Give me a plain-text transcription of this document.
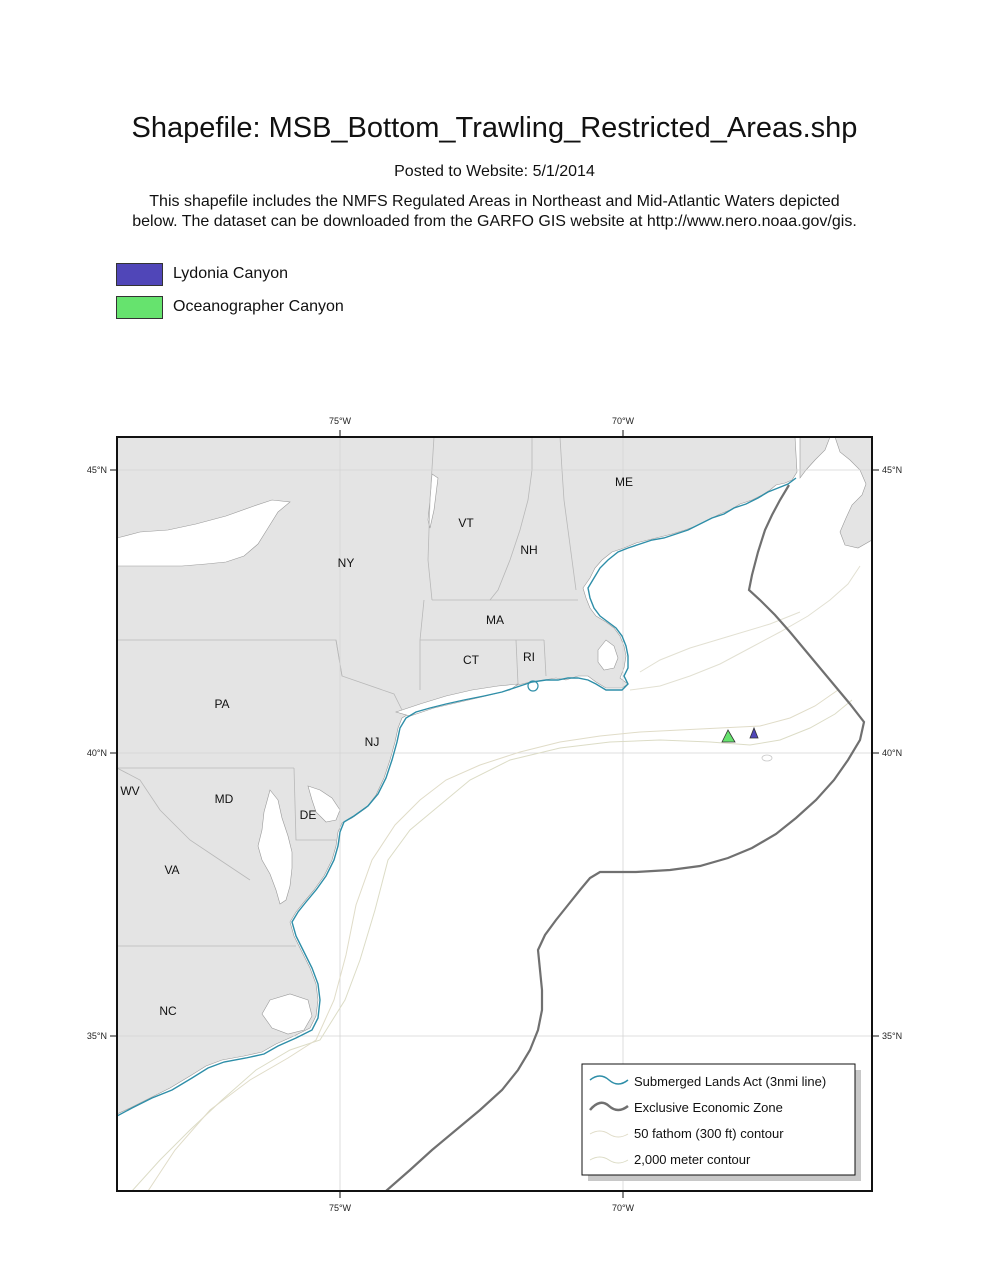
Shapefile: MSB_Bottom_Trawling_Restricted_Areas.shp
Posted to Website: 5/1/2014
This shapefile includes the NMFS Regulated Areas in Northeast and Mid-Atlantic Waters depicted
below. The dataset can be downloaded from the GARFO GIS website at http://www.nero.noaa.gov/gis.
Lydonia Canyon
Oceanographer Canyon
75°W	70°W
75°W	70°W
45°N
40°N
35°N
45°N
40°N
35°N
ME
VT
NH
NY
MA
CT	RI
PA
NJ
MD
DE
WV
VA
NC
Submerged Lands Act (3nmi line)
Exclusive Economic Zone
50 fathom (300 ft) contour
2,000 meter contour
